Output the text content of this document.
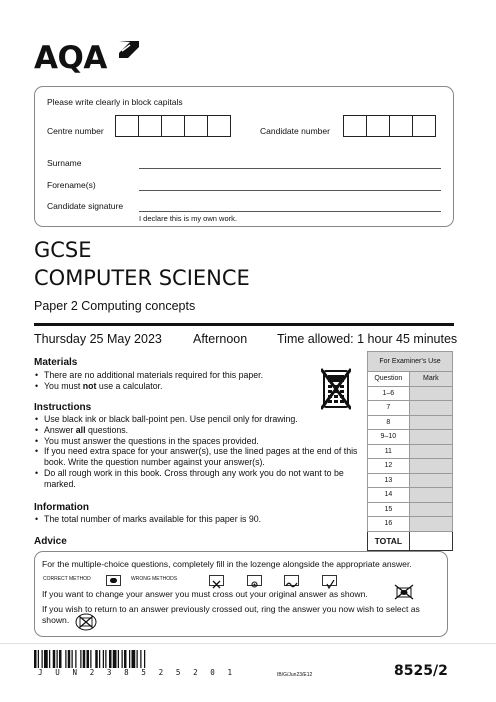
AQA
Please write clearly in block capitals
Centre number	Candidate number
Surname
Forename(s)
Candidate signature
I declare this is my own work.
GCSE
COMPUTER SCIENCE
Paper 2 Computing concepts
Thursday 25 May 2023 Afternoon Time allowed: 1 hour 45 minutes
Materials
• There are no additional materials required for this paper.
• You must not use a calculator.
Instructions
• Use black ink or black ball-point pen. Use pencil only for drawing.
• Answer all questions.
• You must answer the questions in the spaces provided.
• If you need extra space for your answer(s), use the lined pages at the end of this book. Write the question number against your answer(s).
• Do all rough work in this book. Cross through any work you do not want to be marked.
Information
• The total number of marks available for this paper is 90.
Advice
For Examiner's Use	
Question	Mark
1–6	
7	
8	
9–10	
11	
12	
13	
14	
15	
16	
TOTAL	
For the multiple-choice questions, completely fill in the lozenge alongside the appropriate answer.
CORRECT METHOD
	WRONG METHODS

If you want to change your answer you must cross out your original answer as shown.
If you wish to return to an answer previously crossed out, ring the answer you now wish to select as shown.
J U N 2 3 8 5 2 5 2 0 1	IB/G/Jun23/E12	8525/2
